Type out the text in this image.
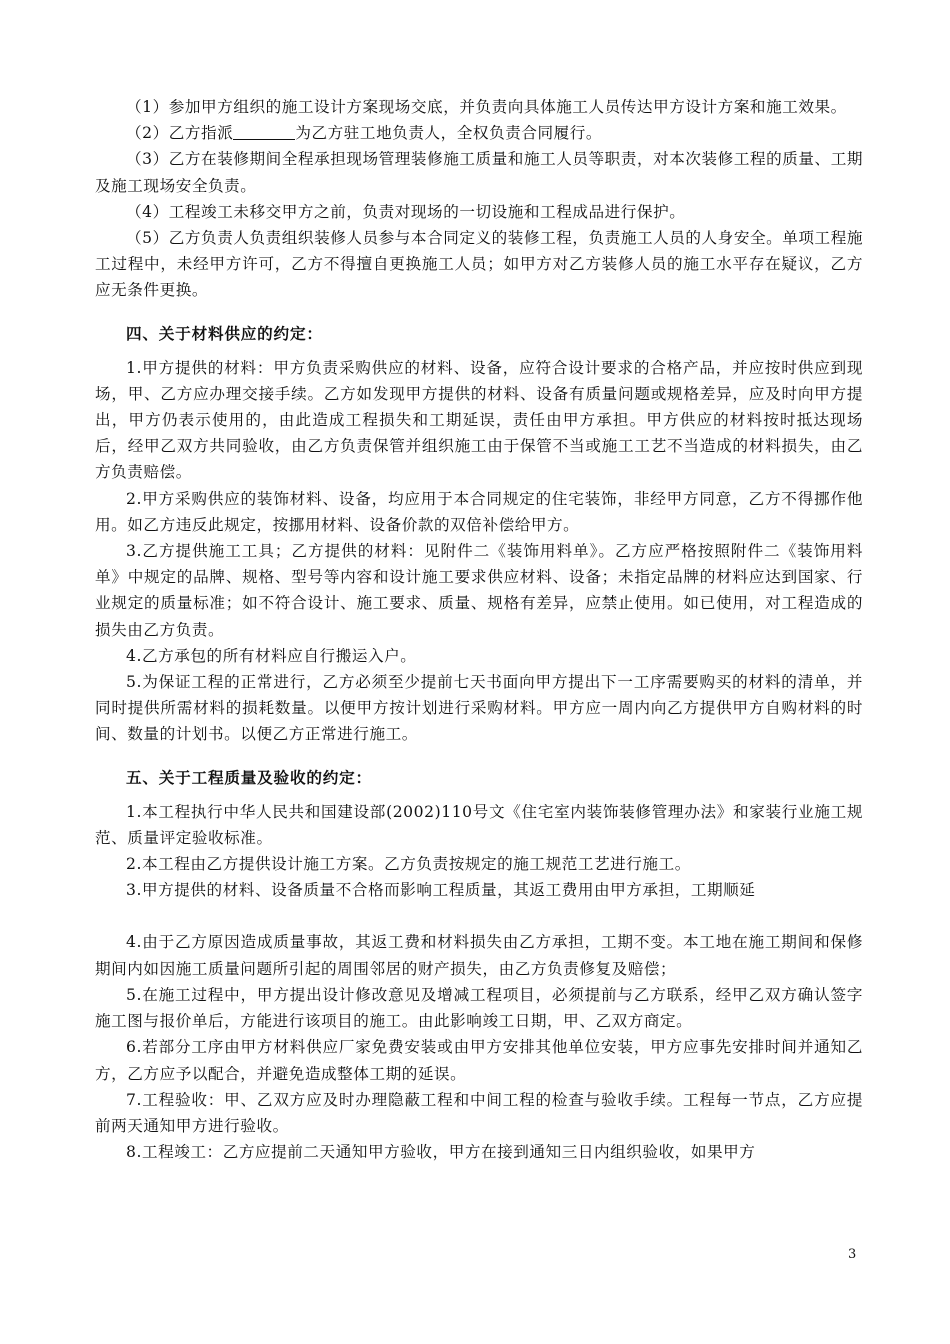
（1）参加甲方组织的施工设计方案现场交底，并负责向具体施工人员传达甲方设计方案和施工效果。

（2）乙方指派	为乙方驻工地负责人，全权负责合同履行。

（3）乙方在装修期间全程承担现场管理装修施工质量和施工人员等职责，对本次装修工程的质量、工期及施工现场安全负责。

（4）工程竣工未移交甲方之前，负责对现场的一切设施和工程成品进行保护。

（5）乙方负责人负责组织装修人员参与本合同定义的装修工程，负责施工人员的人身安全。单项工程施工过程中，未经甲方许可，乙方不得擅自更换施工人员；如甲方对乙方装修人员的施工水平存在疑议，乙方应无条件更换。

四、关于材料供应的约定：

1.甲方提供的材料：甲方负责采购供应的材料、设备，应符合设计要求的合格产品，并应按时供应到现场，甲、乙方应办理交接手续。乙方如发现甲方提供的材料、设备有质量问题或规格差异，应及时向甲方提出，甲方仍表示使用的，由此造成工程损失和工期延误，责任由甲方承担。甲方供应的材料按时抵达现场后，经甲乙双方共同验收，由乙方负责保管并组织施工由于保管不当或施工工艺不当造成的材料损失，由乙方负责赔偿。

2.甲方采购供应的装饰材料、设备，均应用于本合同规定的住宅装饰，非经甲方同意，乙方不得挪作他用。如乙方违反此规定，按挪用材料、设备价款的双倍补偿给甲方。

3.乙方提供施工工具；乙方提供的材料：见附件二《装饰用料单》。乙方应严格按照附件二《装饰用料单》中规定的品牌、规格、型号等内容和设计施工要求供应材料、设备；未指定品牌的材料应达到国家、行业规定的质量标准；如不符合设计、施工要求、质量、规格有差异，应禁止使用。如已使用，对工程造成的损失由乙方负责。

4.乙方承包的所有材料应自行搬运入户。

5.为保证工程的正常进行，乙方必须至少提前七天书面向甲方提出下一工序需要购买的材料的清单，并同时提供所需材料的损耗数量。以便甲方按计划进行采购材料。甲方应一周内向乙方提供甲方自购材料的时间、数量的计划书。以便乙方正常进行施工。

五、关于工程质量及验收的约定：

1.本工程执行中华人民共和国建设部(2002)110号文《住宅室内装饰装修管理办法》和家装行业施工规范、质量评定验收标准。

2.本工程由乙方提供设计施工方案。乙方负责按规定的施工规范工艺进行施工。

3.甲方提供的材料、设备质量不合格而影响工程质量，其返工费用由甲方承担，工期顺延

4.由于乙方原因造成质量事故，其返工费和材料损失由乙方承担，工期不变。本工地在施工期间和保修期间内如因施工质量问题所引起的周围邻居的财产损失，由乙方负责修复及赔偿；

5.在施工过程中，甲方提出设计修改意见及增减工程项目，必须提前与乙方联系，经甲乙双方确认签字施工图与报价单后，方能进行该项目的施工。由此影响竣工日期，甲、乙双方商定。

6.若部分工序由甲方材料供应厂家免费安装或由甲方安排其他单位安装，甲方应事先安排时间并通知乙方，乙方应予以配合，并避免造成整体工期的延误。

7.工程验收：甲、乙双方应及时办理隐蔽工程和中间工程的检查与验收手续。工程每一节点，乙方应提前两天通知甲方进行验收。

8.工程竣工：乙方应提前二天通知甲方验收，甲方在接到通知三日内组织验收，如果甲方

3
